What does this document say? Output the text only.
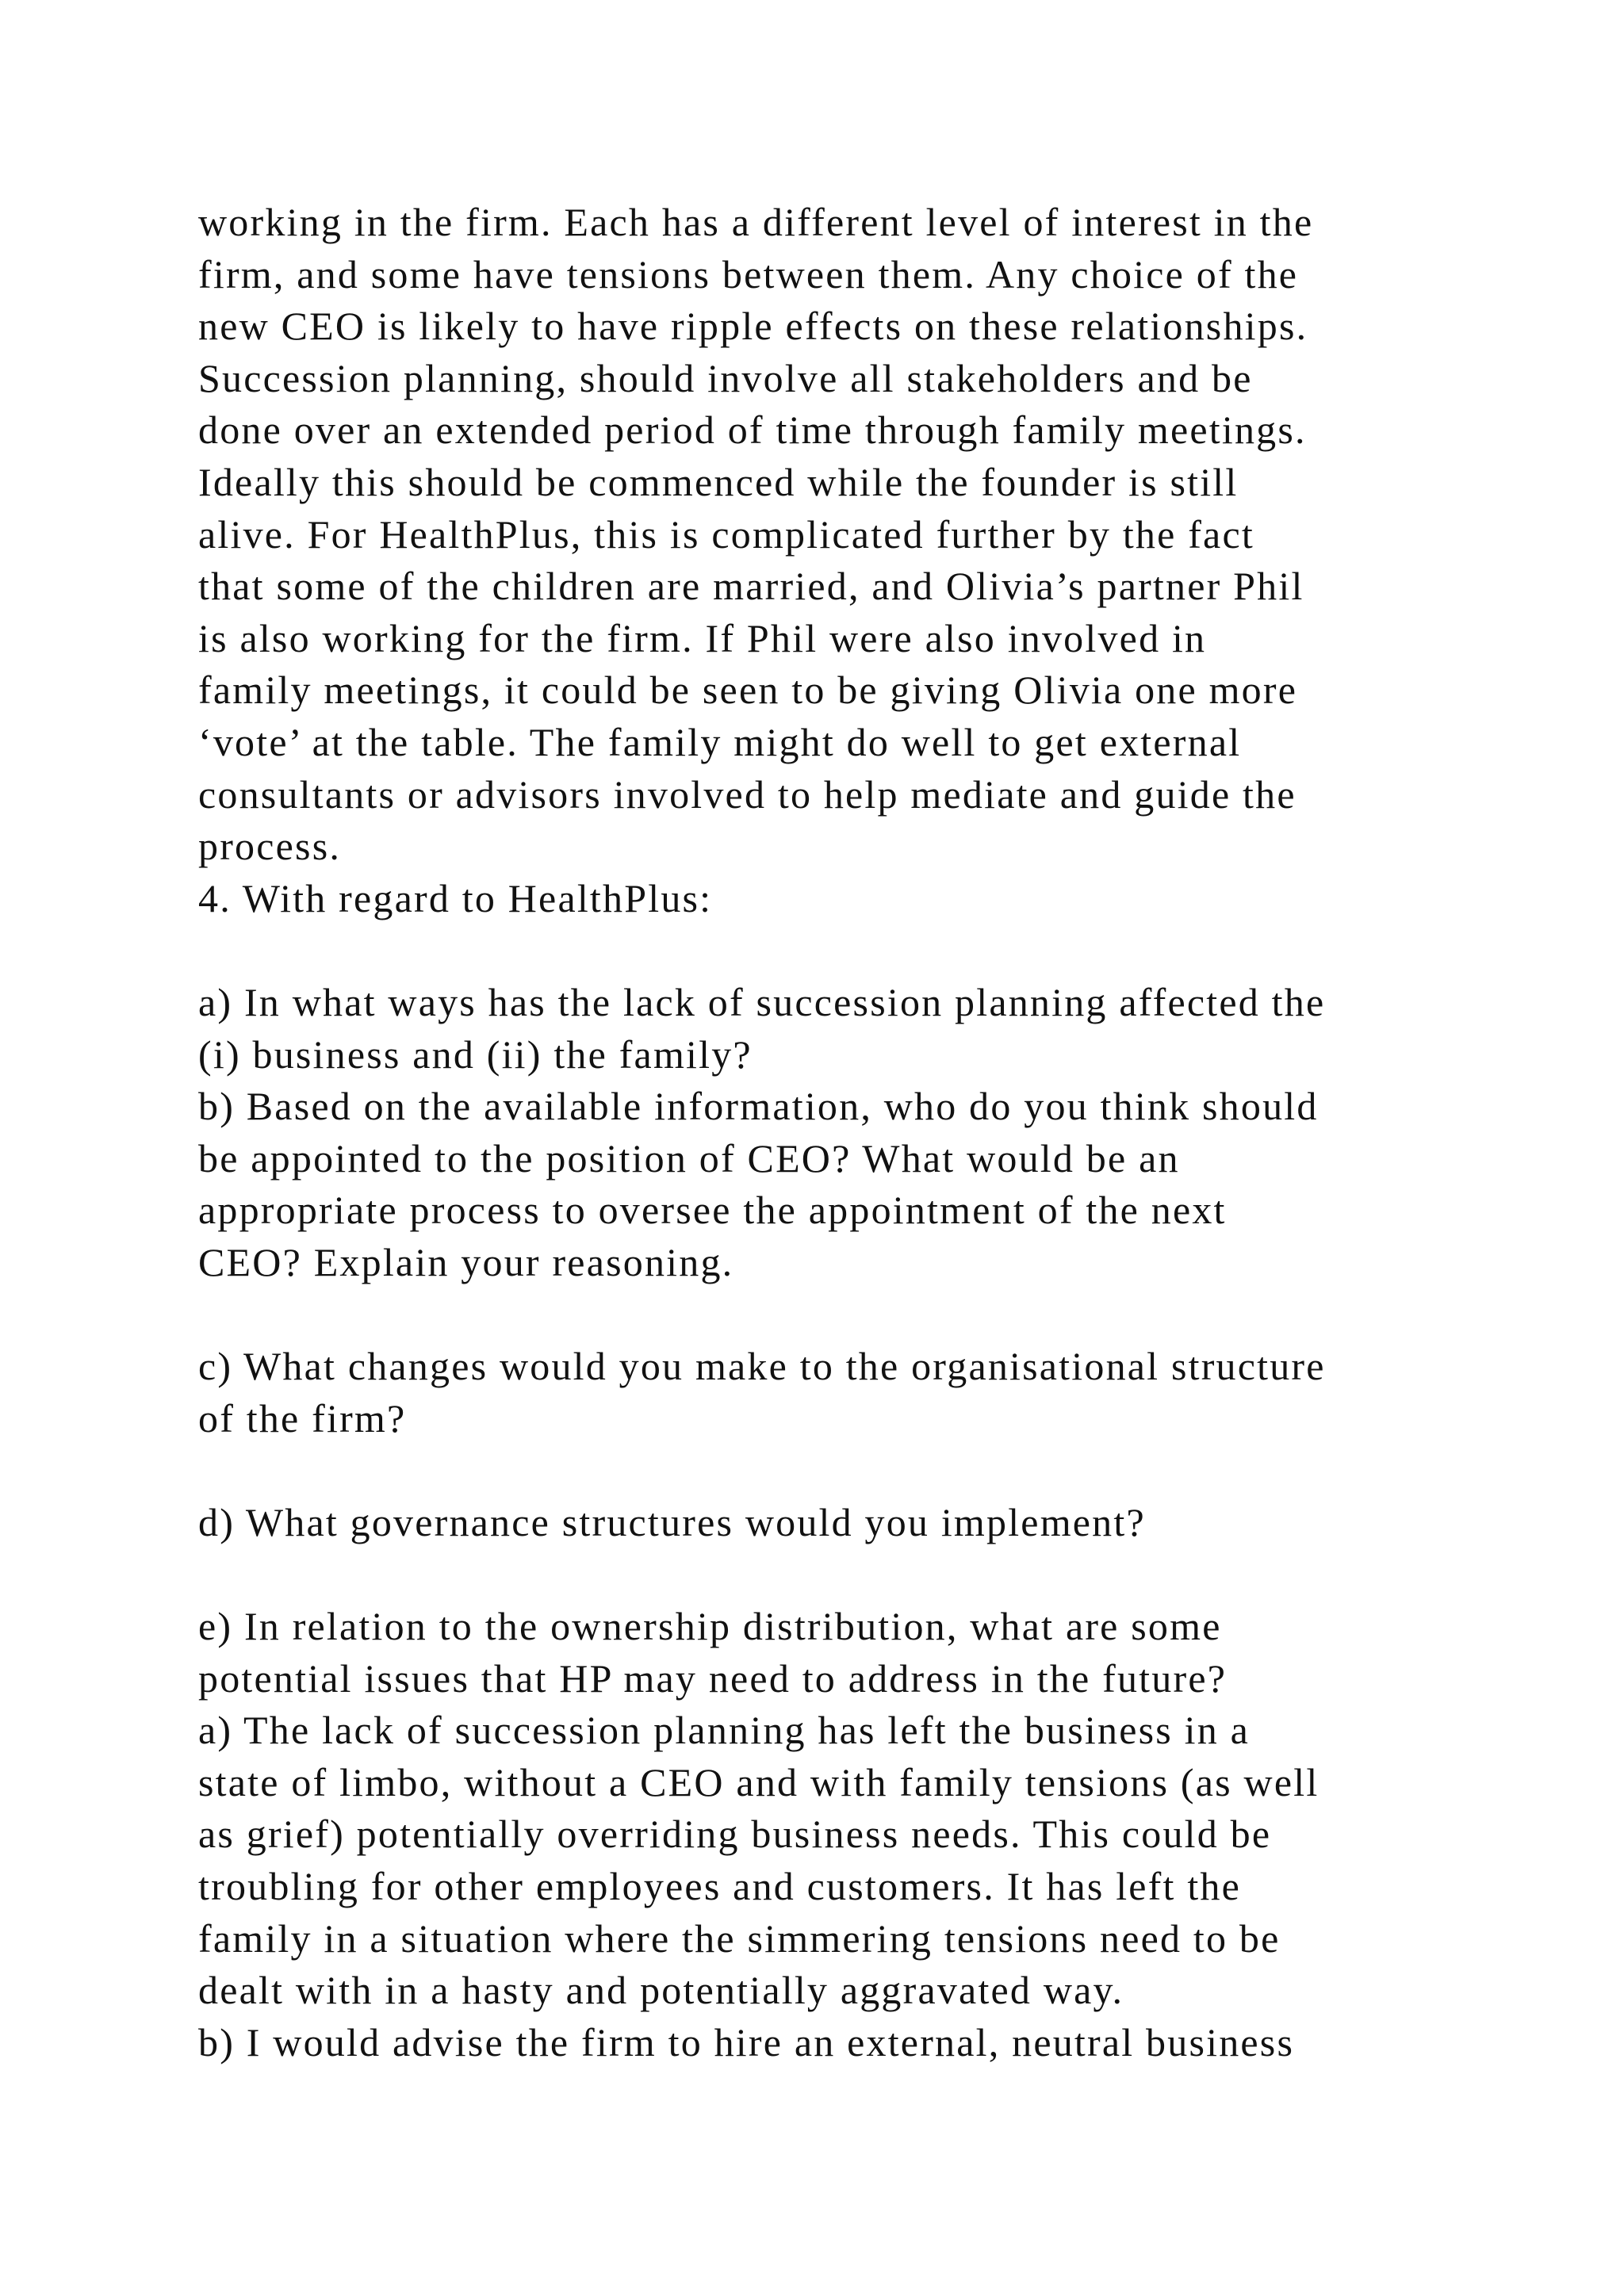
working in the firm. Each has a different level of interest in the
firm, and some have tensions between them. Any choice of the
new CEO is likely to have ripple effects on these relationships.
Succession planning, should involve all stakeholders and be
done over an extended period of time through family meetings.
Ideally this should be commenced while the founder is still
alive. For HealthPlus, this is complicated further by the fact
that some of the children are married, and Olivia’s partner Phil
is also working for the firm. If Phil were also involved in
family meetings, it could be seen to be giving Olivia one more
‘vote’ at the table. The family might do well to get external
consultants or advisors involved to help mediate and guide the
process.
4. With regard to HealthPlus:
a) In what ways has the lack of succession planning affected the
(i) business and (ii) the family?
b) Based on the available information, who do you think should
be appointed to the position of CEO? What would be an
appropriate process to oversee the appointment of the next
CEO? Explain your reasoning.
c) What changes would you make to the organisational structure
of the firm?
d) What governance structures would you implement?
e) In relation to the ownership distribution, what are some
potential issues that HP may need to address in the future?
a) The lack of succession planning has left the business in a
state of limbo, without a CEO and with family tensions (as well
as grief) potentially overriding business needs. This could be
troubling for other employees and customers. It has left the
family in a situation where the simmering tensions need to be
dealt with in a hasty and potentially aggravated way.
b) I would advise the firm to hire an external, neutral business
